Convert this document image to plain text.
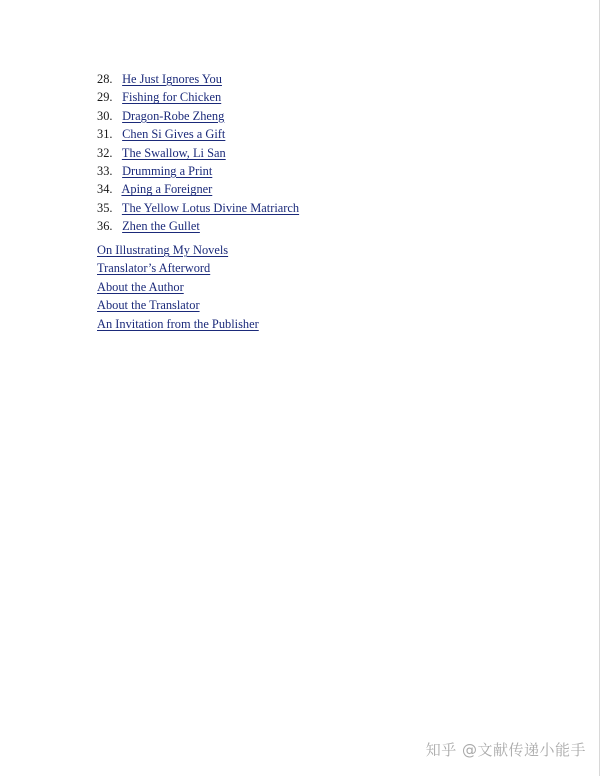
28. He Just Ignores You
29. Fishing for Chicken
30. Dragon-Robe Zheng
31. Chen Si Gives a Gift
32. The Swallow, Li San
33. Drumming a Print
34. Aping a Foreigner
35. The Yellow Lotus Divine Matriarch
36. Zhen the Gullet
On Illustrating My Novels
Translator’s Afterword
About the Author
About the Translator
An Invitation from the Publisher
知乎 @文献传递小能手
